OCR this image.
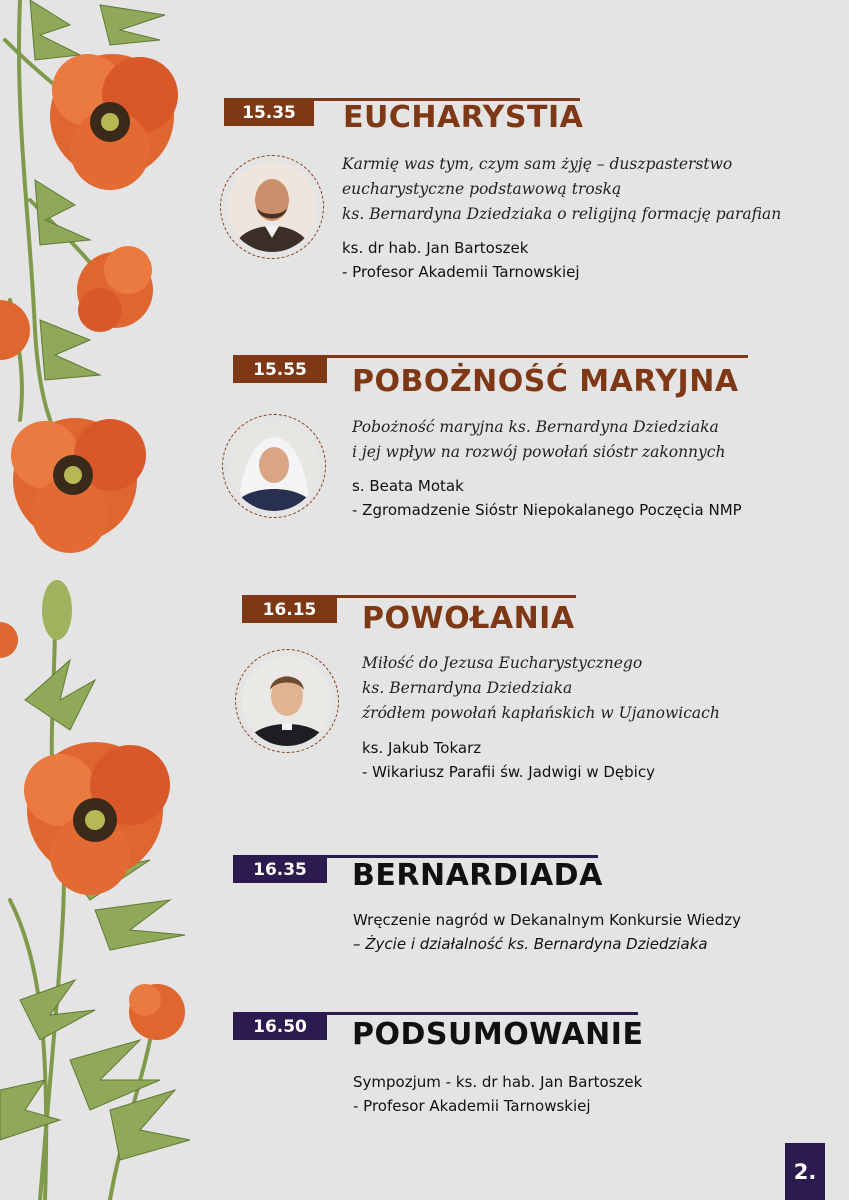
15.35	EUCHARYSTIA
Karmię was tym, czym sam żyję – duszpasterstwo
eucharystyczne podstawową troską
ks. Bernardyna Dziedziaka o religijną formację parafian
ks. dr hab. Jan Bartoszek
- Profesor Akademii Tarnowskiej
15.55	POBOŻNOŚĆ MARYJNA
Pobożność maryjna ks. Bernardyna Dziedziaka
i jej wpływ na rozwój powołań sióstr zakonnych
s. Beata Motak
- Zgromadzenie Sióstr Niepokalanego Poczęcia NMP
16.15	POWOŁANIA
Miłość do Jezusa Eucharystycznego
ks. Bernardyna Dziedziaka
źródłem powołań kapłańskich w Ujanowicach
ks. Jakub Tokarz
- Wikariusz Parafii św. Jadwigi w Dębicy
16.35	BERNARDIADA
Wręczenie nagród w Dekanalnym Konkursie Wiedzy
– Życie i działalność ks. Bernardyna Dziedziaka
16.50	PODSUMOWANIE
Sympozjum - ks. dr hab. Jan Bartoszek
- Profesor Akademii Tarnowskiej
2.
